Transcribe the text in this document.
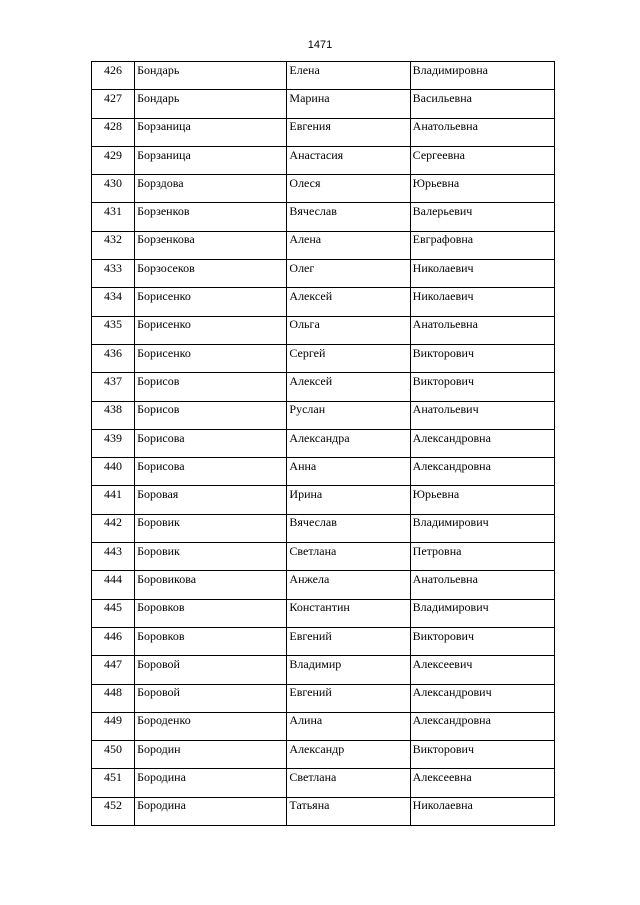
1471
426	Бондарь	Елена	Владимировна
427	Бондарь	Марина	Васильевна
428	Борзаница	Евгения	Анатольевна
429	Борзаница	Анастасия	Сергеевна
430	Борздова	Олеся	Юрьевна
431	Борзенков	Вячеслав	Валерьевич
432	Борзенкова	Алена	Евграфовна
433	Борзосеков	Олег	Николаевич
434	Борисенко	Алексей	Николаевич
435	Борисенко	Ольга	Анатольевна
436	Борисенко	Сергей	Викторович
437	Борисов	Алексей	Викторович
438	Борисов	Руслан	Анатольевич
439	Борисова	Александра	Александровна
440	Борисова	Анна	Александровна
441	Боровая	Ирина	Юрьевна
442	Боровик	Вячеслав	Владимирович
443	Боровик	Светлана	Петровна
444	Боровикова	Анжела	Анатольевна
445	Боровков	Константин	Владимирович
446	Боровков	Евгений	Викторович
447	Боровой	Владимир	Алексеевич
448	Боровой	Евгений	Александрович
449	Бороденко	Алина	Александровна
450	Бородин	Александр	Викторович
451	Бородина	Светлана	Алексеевна
452	Бородина	Татьяна	Николаевна
